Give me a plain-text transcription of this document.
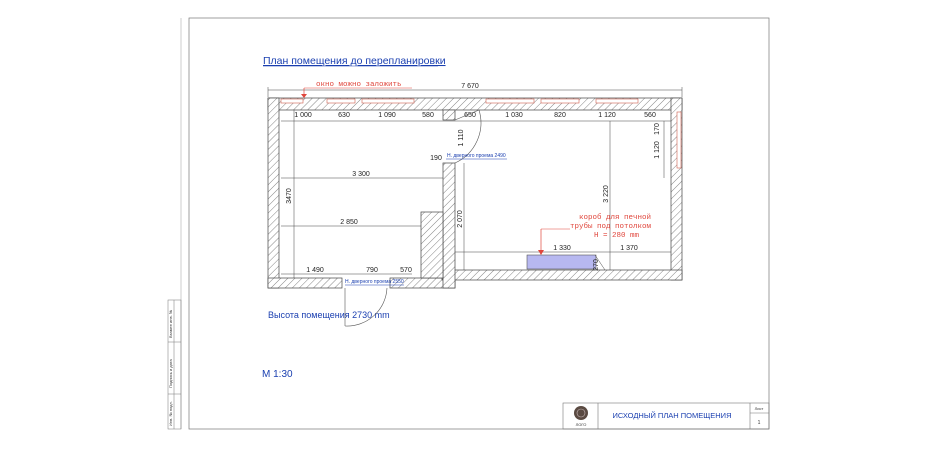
Взамен инв. №
Подпись и дата
Инв. № подл.	ЛОГО
ИСХОДНЫЙ ПЛАН ПОМЕЩЕНИЯ
Лист
1
План помещения до перепланировки
Высота помещения 2730 mm
M 1:30
7 670
1 000	630	1 090	580	650	1 030	820	1 120	560
170
1 120
3470
3 300
2 850
1 110
190
2 070
3 220
1 330	1 370
270
1 490	790	570
окно можно заложить
короб для печной
трубы под потолком
Н = 280 mm
Н. дверного проема 2490
Н. дверного проема 2550
